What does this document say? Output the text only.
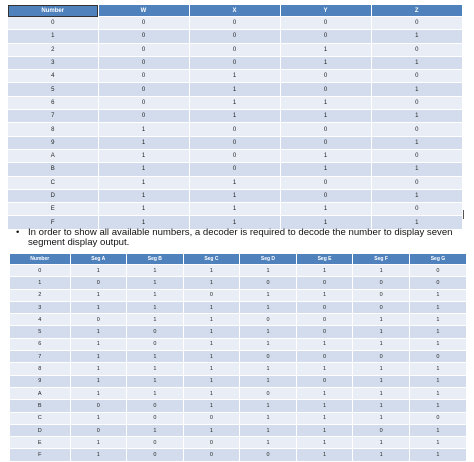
Number	W	X	Y	Z
0	0	0	0	0
1	0	0	0	1
2	0	0	1	0
3	0	0	1	1
4	0	1	0	0
5	0	1	0	1
6	0	1	1	0
7	0	1	1	1
8	1	0	0	0
9	1	0	0	1
A	1	0	1	0
B	1	0	1	1
C	1	1	0	0
D	1	1	0	1
E	1	1	1	0
F	1	1	1	1
• In order to show all available numbers, a decoder is required to decode the number to display seven segment display output.
Number	Seg A	Seg B	Seg C	Seg D	Seg E	Seg F	Seg G
0	1	1	1	1	1	1	0
1	0	1	1	0	0	0	0
2	1	1	0	1	1	0	1
3	1	1	1	1	0	0	1
4	0	1	1	0	0	1	1
5	1	0	1	1	0	1	1
6	1	0	1	1	1	1	1
7	1	1	1	0	0	0	0
8	1	1	1	1	1	1	1
9	1	1	1	1	0	1	1
A	1	1	1	0	1	1	1
B	0	0	1	1	1	1	1
C	1	0	0	1	1	1	0
D	0	1	1	1	1	0	1
E	1	0	0	1	1	1	1
F	1	0	0	0	1	1	1
